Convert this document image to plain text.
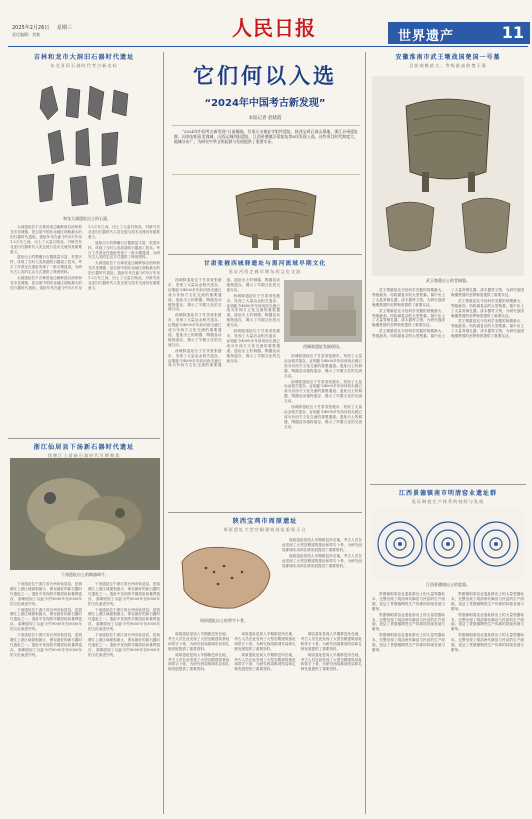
2025年2月26日 星期三
责任编辑：刘爽	人民日报	世界遗产	11
吉林和龙市大洞旧石器时代遗址
东北亚旧石器时代考古新坐标
和龙大洞遗址出土的石器。

大洞遗址位于吉林省延边朝鲜族自治州和龙市龙城镇，是目前中国东北地区面积最大的旧石器时代遗址。遗址年代在距今约5万年至1.2万年之间，出土了大量石制品，对研究东北亚旧石器时代人类迁徙与技术交流具有重要意义。

遗址出土的黑曜石石器数量丰富，类型多样，体现了当时人类高超的石器加工技术。考古工作者还在遗址发现了一批火塘遗迹，为研究古人类的生活方式提供了珍贵资料。

大洞遗址位于吉林省延边朝鲜族自治州和龙市龙城镇，是目前中国东北地区面积最大的旧石器时代遗址。遗址年代在距今约5万年至1.2万年之间，出土了大量石制品，对研究东北亚旧石器时代人类迁徙与技术交流具有重要意义。

遗址出土的黑曜石石器数量丰富，类型多样，体现了当时人类高超的石器加工技术。考古工作者还在遗址发现了一批火塘遗迹，为研究古人类的生活方式提供了珍贵资料。

大洞遗址位于吉林省延边朝鲜族自治州和龙市龙城镇，是目前中国东北地区面积最大的旧石器时代遗址。遗址年代在距今约5万年至1.2万年之间，出土了大量石制品，对研究东北亚旧石器时代人类迁徙与技术交流具有重要意义。

浙江仙居县下汤新石器时代遗址
钱塘江上游新石器时代早期聚落
下汤遗址出土的陶器碎片。

下汤遗址位于浙江省台州市仙居县，是钱塘江上游区域面积最大、保存最好的新石器时代遗址之一。遗址中发现的早期居址和墓葬遗存，清晰展现了从距今约9000年至5000年的文化演进序列。

下汤遗址位于浙江省台州市仙居县，是钱塘江上游区域面积最大、保存最好的新石器时代遗址之一。遗址中发现的早期居址和墓葬遗存，清晰展现了从距今约9000年至5000年的文化演进序列。

下汤遗址位于浙江省台州市仙居县，是钱塘江上游区域面积最大、保存最好的新石器时代遗址之一。遗址中发现的早期居址和墓葬遗存，清晰展现了从距今约9000年至5000年的文化演进序列。

下汤遗址位于浙江省台州市仙居县，是钱塘江上游区域面积最大、保存最好的新石器时代遗址之一。遗址中发现的早期居址和墓葬遗存，清晰展现了从距今约9000年至5000年的文化演进序列。

下汤遗址位于浙江省台州市仙居县，是钱塘江上游区域面积最大、保存最好的新石器时代遗址之一。遗址中发现的早期居址和墓葬遗存，清晰展现了从距今约9000年至5000年的文化演进序列。

下汤遗址位于浙江省台州市仙居县，是钱塘江上游区域面积最大、保存最好的新石器时代遗址之一。遗址中发现的早期居址和墓葬遗存，清晰展现了从距今约9000年至5000年的文化演进序列。

它们何以入选
“2024年中国考古新发现”
本报记者 赵晓霞
“2024年中国考古新发现”日前揭晓。甘肃天水秦安寺咀坪遗址、陕西宝鸡石鼓山墓地、浙江台州遗址群、河南安阳洹北商城、山西运城西阳遗址、江西景德镇浮梁窑址等6项发现入选。这些项目时代跨度大，地域分布广，为研究中华文明起源与发展提供了重要实证。
甘肃张掖西城驿遗址与黑河流域早期文化
见证河西走廊早期东西文化交流

西城驿遗址位于甘肃省张掖市，发现了大量冶金相关遗存，证明距今4000多年前河西走廊已成为东西方文化交流的重要通道。遗址出土的铜器、陶器及动植物遗存，揭示了早期文化的交流互动。

西城驿遗址位于甘肃省张掖市，发现了大量冶金相关遗存，证明距今4000多年前河西走廊已成为东西方文化交流的重要通道。遗址出土的铜器、陶器及动植物遗存，揭示了早期文化的交流互动。

西城驿遗址位于甘肃省张掖市，发现了大量冶金相关遗存，证明距今4000多年前河西走廊已成为东西方文化交流的重要通道。遗址出土的铜器、陶器及动植物遗存，揭示了早期文化的交流互动。

西城驿遗址位于甘肃省张掖市，发现了大量冶金相关遗存，证明距今4000多年前河西走廊已成为东西方文化交流的重要通道。遗址出土的铜器、陶器及动植物遗存，揭示了早期文化的交流互动。

西城驿遗址位于甘肃省张掖市，发现了大量冶金相关遗存，证明距今4000多年前河西走廊已成为东西方文化交流的重要通道。遗址出土的铜器、陶器及动植物遗存，揭示了早期文化的交流互动。

西城驿遗址发掘现场。

西城驿遗址位于甘肃省张掖市，发现了大量冶金相关遗存，证明距今4000多年前河西走廊已成为东西方文化交流的重要通道。遗址出土的铜器、陶器及动植物遗存，揭示了早期文化的交流互动。

西城驿遗址位于甘肃省张掖市，发现了大量冶金相关遗存，证明距今4000多年前河西走廊已成为东西方文化交流的重要通道。遗址出土的铜器、陶器及动植物遗存，揭示了早期文化的交流互动。

西城驿遗址位于甘肃省张掖市，发现了大量冶金相关遗存，证明距今4000多年前河西走廊已成为东西方文化交流的重要通道。遗址出土的铜器、陶器及动植物遗存，揭示了早期文化的交流互动。

陕西宝鸡市周原遗址
周原遗址大型宫殿建筑基址重现天日
周原遗址出土的带字卜骨。

周原遗址是周人早期都邑所在地，考古人员在此发现了大型宫殿建筑基址和带字卜骨，为研究西周都城布局和礼制发展提供了重要资料。

周原遗址是周人早期都邑所在地，考古人员在此发现了大型宫殿建筑基址和带字卜骨，为研究西周都城布局和礼制发展提供了重要资料。

周原遗址是周人早期都邑所在地，考古人员在此发现了大型宫殿建筑基址和带字卜骨，为研究西周都城布局和礼制发展提供了重要资料。

周原遗址是周人早期都邑所在地，考古人员在此发现了大型宫殿建筑基址和带字卜骨，为研究西周都城布局和礼制发展提供了重要资料。

周原遗址是周人早期都邑所在地，考古人员在此发现了大型宫殿建筑基址和带字卜骨，为研究西周都城布局和礼制发展提供了重要资料。

周原遗址是周人早期都邑所在地，考古人员在此发现了大型宫殿建筑基址和带字卜骨，为研究西周都城布局和礼制发展提供了重要资料。

周原遗址是周人早期都邑所在地，考古人员在此发现了大型宫殿建筑基址和带字卜骨，为研究西周都城布局和礼制发展提供了重要资料。

周原遗址是周人早期都邑所在地，考古人员在此发现了大型宫殿建筑基址和带字卜骨，为研究西周都城布局和礼制发展提供了重要资料。

安徽淮南市武王墩战国楚国一号墓
目前规模最大、等级最高的楚王墓
武王墩墓出土的青铜器。

武王墩墓是迄今经科学发掘的规模最大、等级最高、结构最复杂的大型楚墓。墓中出土了大量青铜礼器、漆木器等文物，为研究战国晚期楚国的丧葬制度提供了重要实证。

武王墩墓是迄今经科学发掘的规模最大、等级最高、结构最复杂的大型楚墓。墓中出土了大量青铜礼器、漆木器等文物，为研究战国晚期楚国的丧葬制度提供了重要实证。

武王墩墓是迄今经科学发掘的规模最大、等级最高、结构最复杂的大型楚墓。墓中出土了大量青铜礼器、漆木器等文物，为研究战国晚期楚国的丧葬制度提供了重要实证。

武王墩墓是迄今经科学发掘的规模最大、等级最高、结构最复杂的大型楚墓。墓中出土了大量青铜礼器、漆木器等文物，为研究战国晚期楚国的丧葬制度提供了重要实证。

武王墩墓是迄今经科学发掘的规模最大、等级最高、结构最复杂的大型楚墓。墓中出土了大量青铜礼器、漆木器等文物，为研究战国晚期楚国的丧葬制度提供了重要实证。

江西景德镇南市明清窑业遗址群
见证陶瓷生产体系的持续与发展
江西景德镇出土的瓷器。

景德镇明清窑业遗址群出土的大量瓷器标本，完整呈现了明清两代御窑与民窑的生产面貌，见证了景德镇陶瓷生产体系的持续发展与繁荣。

景德镇明清窑业遗址群出土的大量瓷器标本，完整呈现了明清两代御窑与民窑的生产面貌，见证了景德镇陶瓷生产体系的持续发展与繁荣。

景德镇明清窑业遗址群出土的大量瓷器标本，完整呈现了明清两代御窑与民窑的生产面貌，见证了景德镇陶瓷生产体系的持续发展与繁荣。

景德镇明清窑业遗址群出土的大量瓷器标本，完整呈现了明清两代御窑与民窑的生产面貌，见证了景德镇陶瓷生产体系的持续发展与繁荣。

景德镇明清窑业遗址群出土的大量瓷器标本，完整呈现了明清两代御窑与民窑的生产面貌，见证了景德镇陶瓷生产体系的持续发展与繁荣。

景德镇明清窑业遗址群出土的大量瓷器标本，完整呈现了明清两代御窑与民窑的生产面貌，见证了景德镇陶瓷生产体系的持续发展与繁荣。
